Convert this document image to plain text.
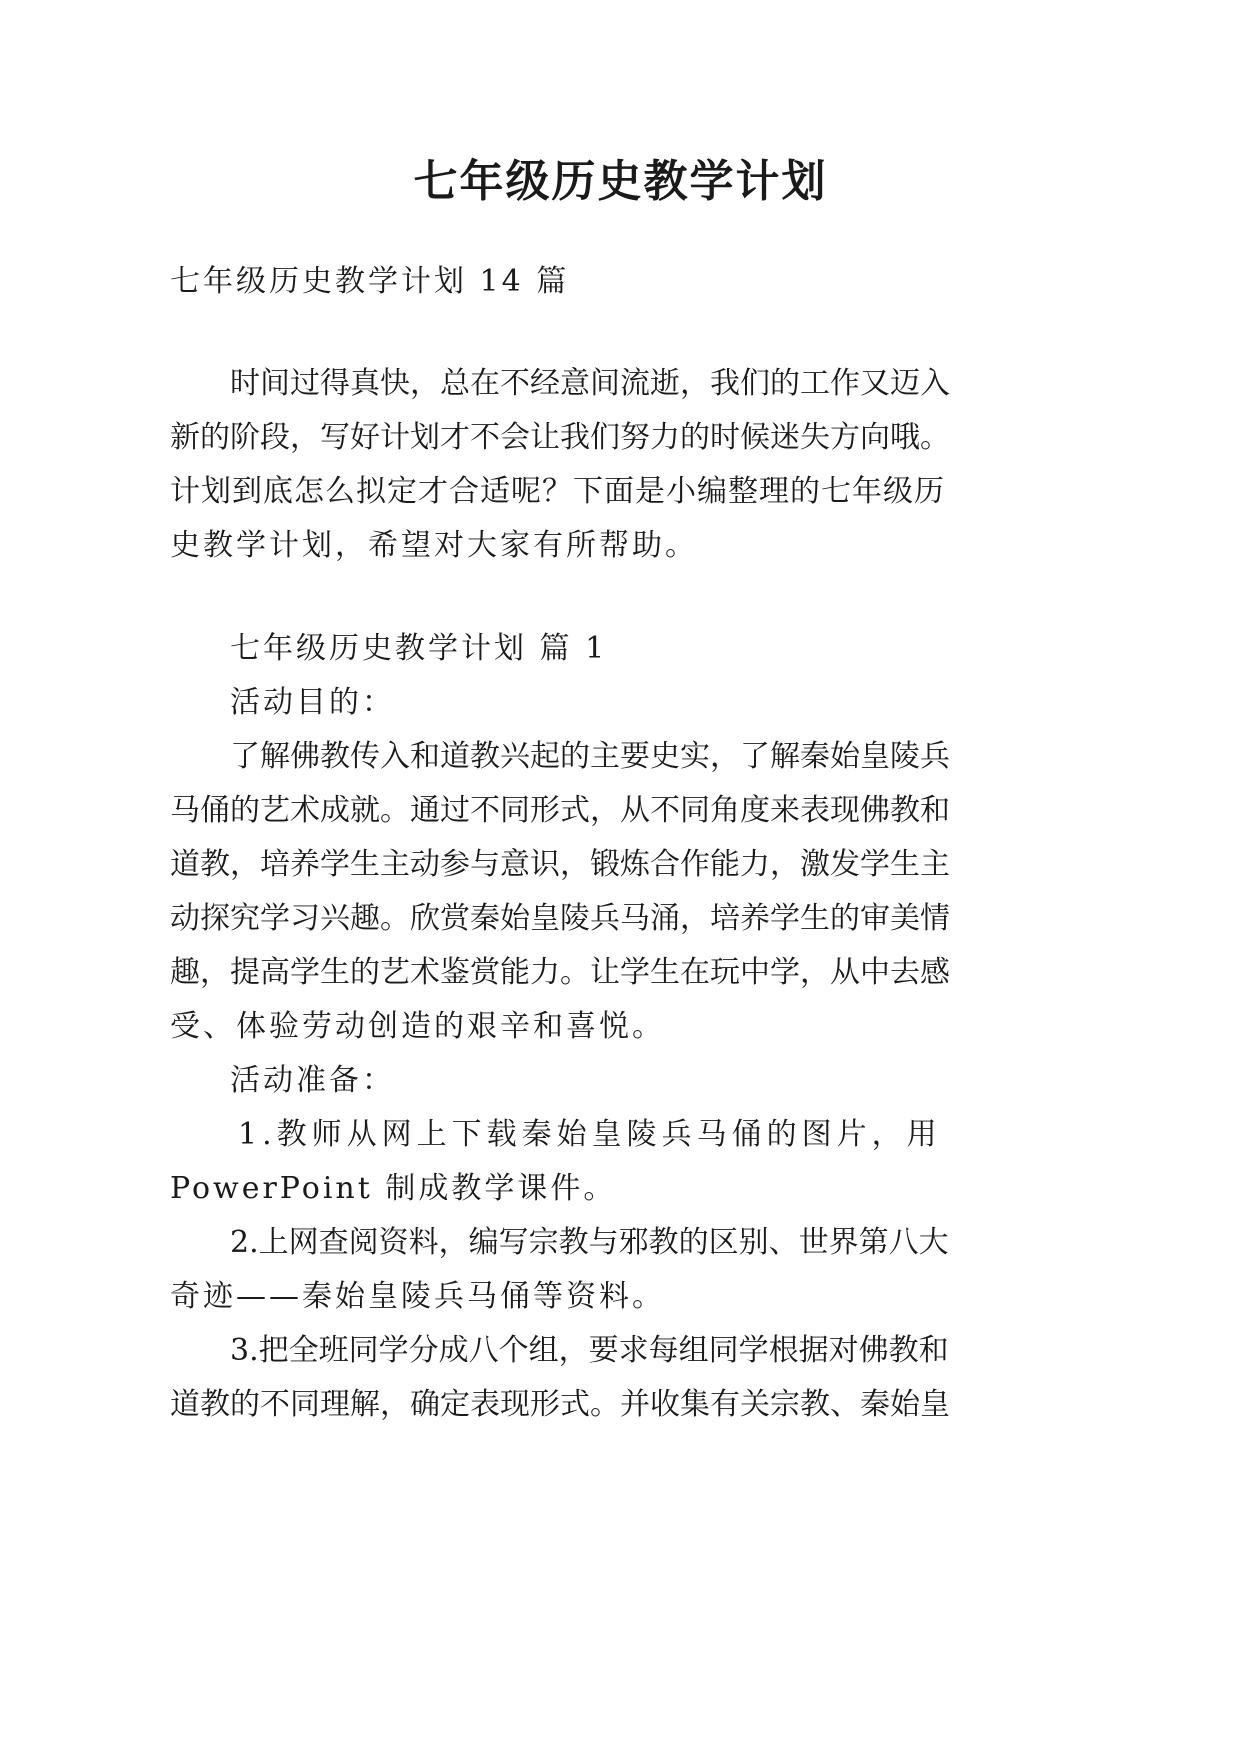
七年级历史教学计划
七年级历史教学计划 14 篇
时间过得真快，总在不经意间流逝，我们的工作又迈入
新的阶段，写好计划才不会让我们努力的时候迷失方向哦。
计划到底怎么拟定才合适呢？下面是小编整理的七年级历
史教学计划，希望对大家有所帮助。
七年级历史教学计划 篇 1
活动目的：
了解佛教传入和道教兴起的主要史实，了解秦始皇陵兵
马俑的艺术成就。通过不同形式，从不同角度来表现佛教和
道教，培养学生主动参与意识，锻炼合作能力，激发学生主
动探究学习兴趣。欣赏秦始皇陵兵马涌，培养学生的审美情
趣，提高学生的艺术鉴赏能力。让学生在玩中学，从中去感
受、体验劳动创造的艰辛和喜悦。
活动准备：
1.教师从网上下载秦始皇陵兵马俑的图片，用
PowerPoint 制成教学课件。
2.上网查阅资料，编写宗教与邪教的区别、世界第八大
奇迹——秦始皇陵兵马俑等资料。
3.把全班同学分成八个组，要求每组同学根据对佛教和
道教的不同理解，确定表现形式。并收集有关宗教、秦始皇
